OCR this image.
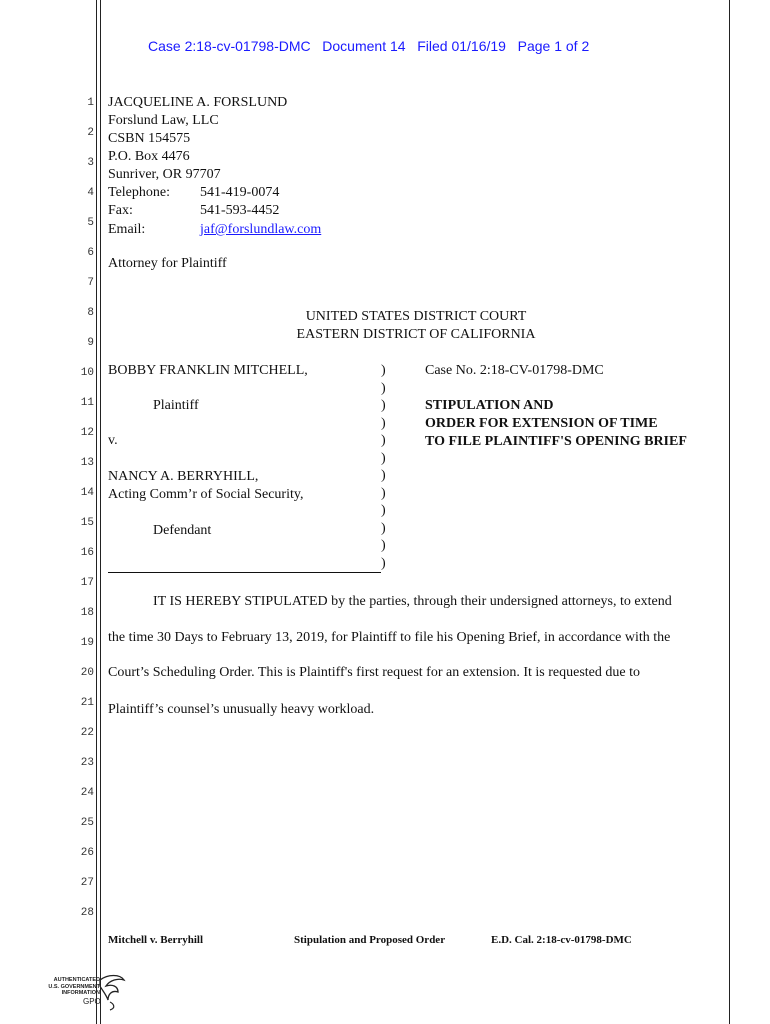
Case 2:18-cv-01798-DMC   Document 14   Filed 01/16/19   Page 1 of 2
1
2
3
4
5
6
7
8
9
10
11
12
13
14
15
16
17
18
19
20
21
22
23
24
25
26
27
28
JACQUELINE A. FORSLUND
Forslund Law, LLC
CSBN 154575
P.O. Box 4476
Sunriver, OR 97707
Telephone: 541-419-0074
Fax:	541-593-4452
Email:	jaf@forslundlaw.com
Attorney for Plaintiff
UNITED STATES DISTRICT COURT
EASTERN DISTRICT OF CALIFORNIA
BOBBY FRANKLIN MITCHELL,
Plaintiff
v.
NANCY A. BERRYHILL,
Acting Comm’r of Social Security,
Defendant
)
)
)
)
)
)
)
)
)
)
)
)
Case No. 2:18-CV-01798-DMC
STIPULATION AND
ORDER FOR EXTENSION OF TIME
TO FILE PLAINTIFF'S OPENING BRIEF
IT IS HEREBY STIPULATED by the parties, through their undersigned attorneys, to extend
the time 30 Days to February 13, 2019, for Plaintiff to file his Opening Brief, in accordance with the
Court’s Scheduling Order. This is Plaintiff's first request for an extension. It is requested due to
Plaintiff’s counsel’s unusually heavy workload.
Mitchell v. Berryhill	Stipulation and Proposed Order	E.D. Cal. 2:18-cv-01798-DMC
AUTHENTICATED
U.S. GOVERNMENT
INFORMATION
GPO
